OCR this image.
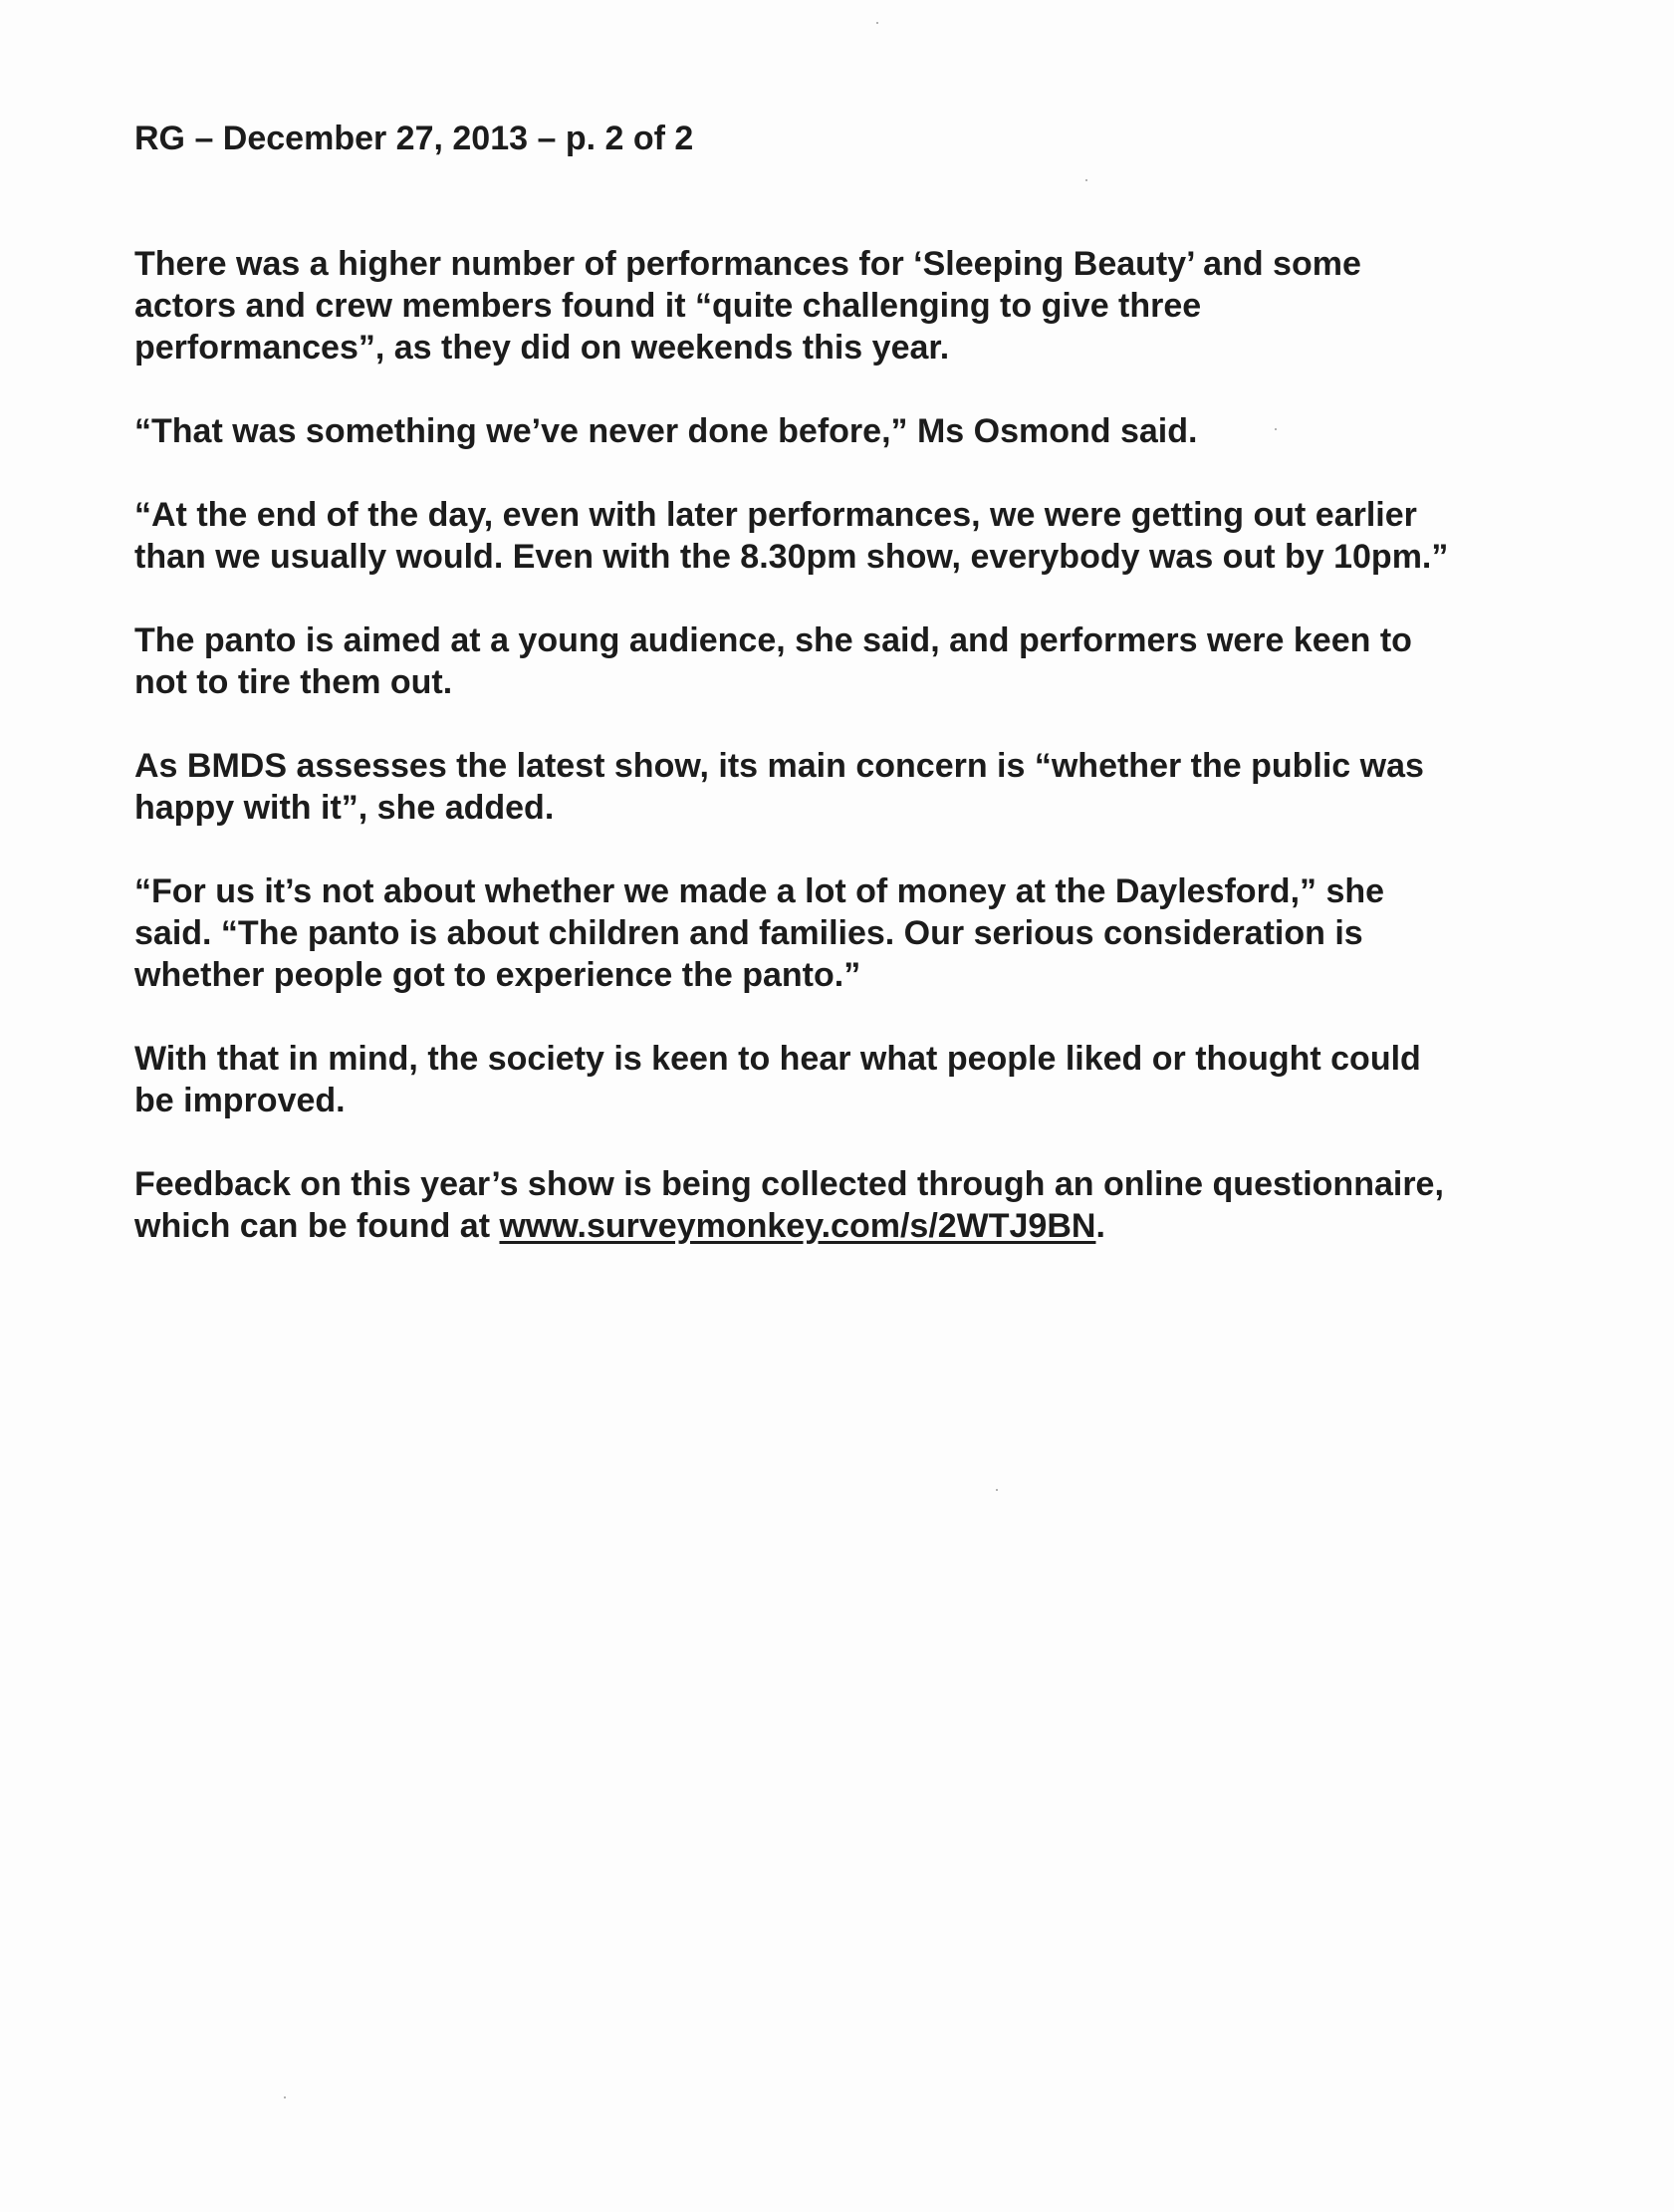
RG – December 27, 2013 – p. 2 of 2
There was a higher number of performances for ‘Sleeping Beauty’ and some
actors and crew members found it “quite challenging to give three
performances”, as they did on weekends this year.
“That was something we’ve never done before,” Ms Osmond said.
“At the end of the day, even with later performances, we were getting out earlier
than we usually would. Even with the 8.30pm show, everybody was out by 10pm.”
The panto is aimed at a young audience, she said, and performers were keen to
not to tire them out.
As BMDS assesses the latest show, its main concern is “whether the public was
happy with it”, she added.
“For us it’s not about whether we made a lot of money at the Daylesford,” she
said. “The panto is about children and families. Our serious consideration is
whether people got to experience the panto.”
With that in mind, the society is keen to hear what people liked or thought could
be improved.
Feedback on this year’s show is being collected through an online questionnaire,
which can be found at www.surveymonkey.com/s/2WTJ9BN.
